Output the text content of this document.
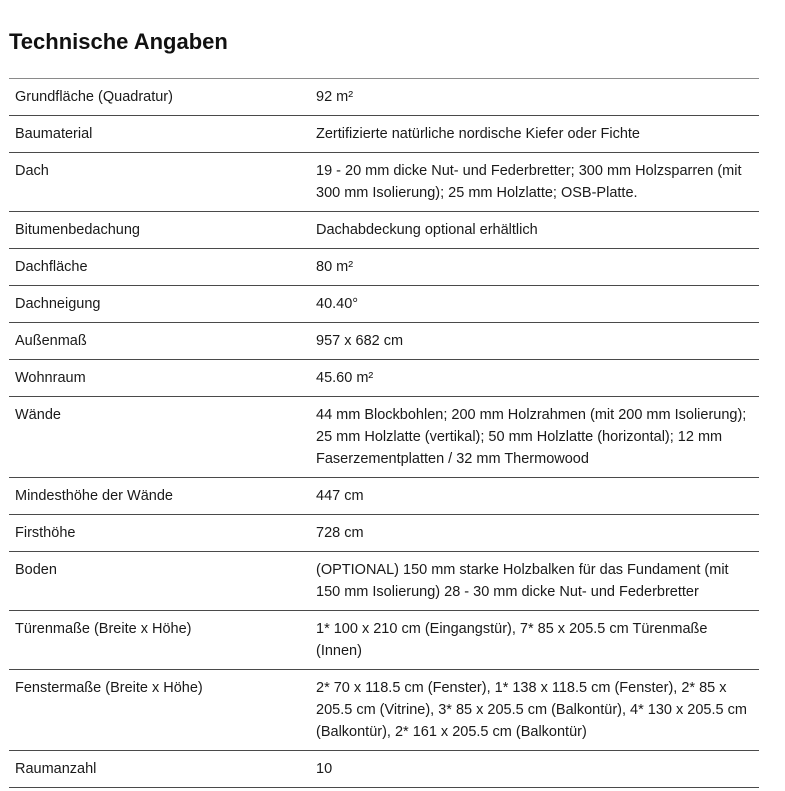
Technische Angaben
Grundfläche (Quadratur)	92 m²
Baumaterial	Zertifizierte natürliche nordische Kiefer oder Fichte
Dach	19 - 20 mm dicke Nut- und Federbretter; 300 mm Holzsparren (mit 300 mm Isolierung); 25 mm Holzlatte; OSB-Platte.
Bitumenbedachung	Dachabdeckung optional erhältlich
Dachfläche	80 m²
Dachneigung	40.40°
Außenmaß	957 x 682 cm
Wohnraum	45.60 m²
Wände	44 mm Blockbohlen; 200 mm Holzrahmen (mit 200 mm Isolierung); 25 mm Holzlatte (vertikal); 50 mm Holzlatte (horizontal); 12 mm Faserzementplatten / 32 mm Thermowood
Mindesthöhe der Wände	447 cm
Firsthöhe	728 cm
Boden	(OPTIONAL) 150 mm starke Holzbalken für das Fundament (mit 150 mm Isolierung) 28 - 30 mm dicke Nut- und Federbretter
Türenmaße (Breite x Höhe)	1* 100 x 210 cm (Eingangstür), 7* 85 x 205.5 cm Türenmaße (Innen)
Fenstermaße (Breite x Höhe)	2* 70 x 118.5 cm (Fenster), 1* 138 x 118.5 cm (Fenster), 2* 85 x 205.5 cm (Vitrine), 3* 85 x 205.5 cm (Balkontür), 4* 130 x 205.5 cm (Balkontür), 2* 161 x 205.5 cm (Balkontür)
Raumanzahl	10
